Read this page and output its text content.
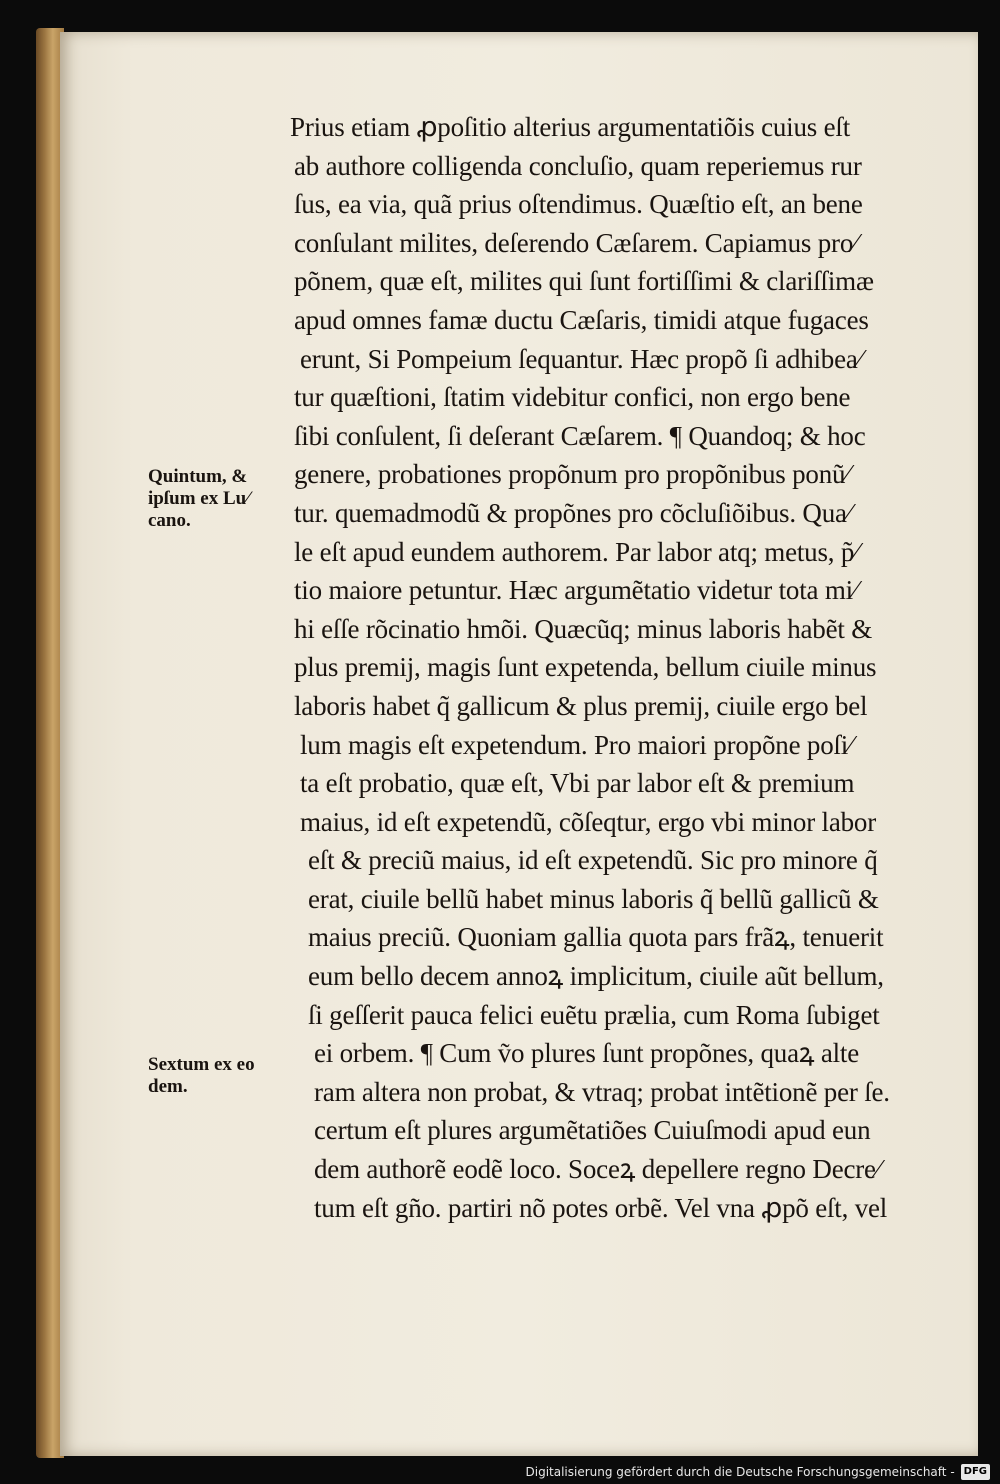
Prius etiam ꝓpoſitio alterius argumentatiõis cuius eſt
ab authore colligenda concluſio, quam reperiemus rur
ſus, ea via, quã prius oſtendimus. Quæſtio eſt, an bene
conſulant milites, deſerendo Cæſarem. Capiamus pro⁄
põnem, quæ eſt, milites qui ſunt fortiſſimi & clariſſimæ
apud omnes famæ ductu Cæſaris, timidi atque fugaces
erunt, Si Pompeium ſequantur. Hæc propõ ſi adhibea⁄
tur quæſtioni, ſtatim videbitur confici, non ergo bene
ſibi conſulent, ſi deſerant Cæſarem. ¶ Quandoq; & hoc
genere, probationes propõnum pro propõnibus ponũ⁄
tur. quemadmodũ & propõnes pro cõcluſiõibus. Qua⁄
le eſt apud eundem authorem. Par labor atq; metus, p̃⁄
tio maiore petuntur. Hæc argumẽtatio videtur tota mi⁄
hi eſſe rõcinatio hmõi. Quæcũq; minus laboris habẽt &
plus premij, magis ſunt expetenda, bellum ciuile minus
laboris habet q̃ gallicum & plus premij, ciuile ergo bel
lum magis eſt expetendum. Pro maiori propõne poſi⁄
ta eſt probatio, quæ eſt, Vbi par labor eſt & premium
maius, id eſt expetendũ, cõſeqtur, ergo vbi minor labor
eſt & preciũ maius, id eſt expetendũ. Sic pro minore q̃
erat, ciuile bellũ habet minus laboris q̃ bellũ gallicũ &
maius preciũ. Quoniam gallia quota pars frãꝝ, tenuerit
eum bello decem annoꝝ implicitum, ciuile aũt bellum,
ſi geſſerit pauca felici euẽtu prælia, cum Roma ſubiget
ei orbem. ¶ Cum ṽo plures ſunt propõnes, quaꝝ alte
ram altera non probat, & vtraq; probat intẽtionẽ per ſe.
certum eſt plures argumẽtatiões Cuiuſmodi apud eun
dem authorẽ eodẽ loco. Soceꝝ depellere regno Decre⁄
tum eſt gño. partiri nõ potes orbẽ. Vel vna ꝓpõ eſt, vel
Quintum, &
ipſum ex Lu⁄
cano.
Sextum ex eo
dem.
Digitalisierung gefördert durch die Deutsche Forschungsgemeinschaft - DFG
